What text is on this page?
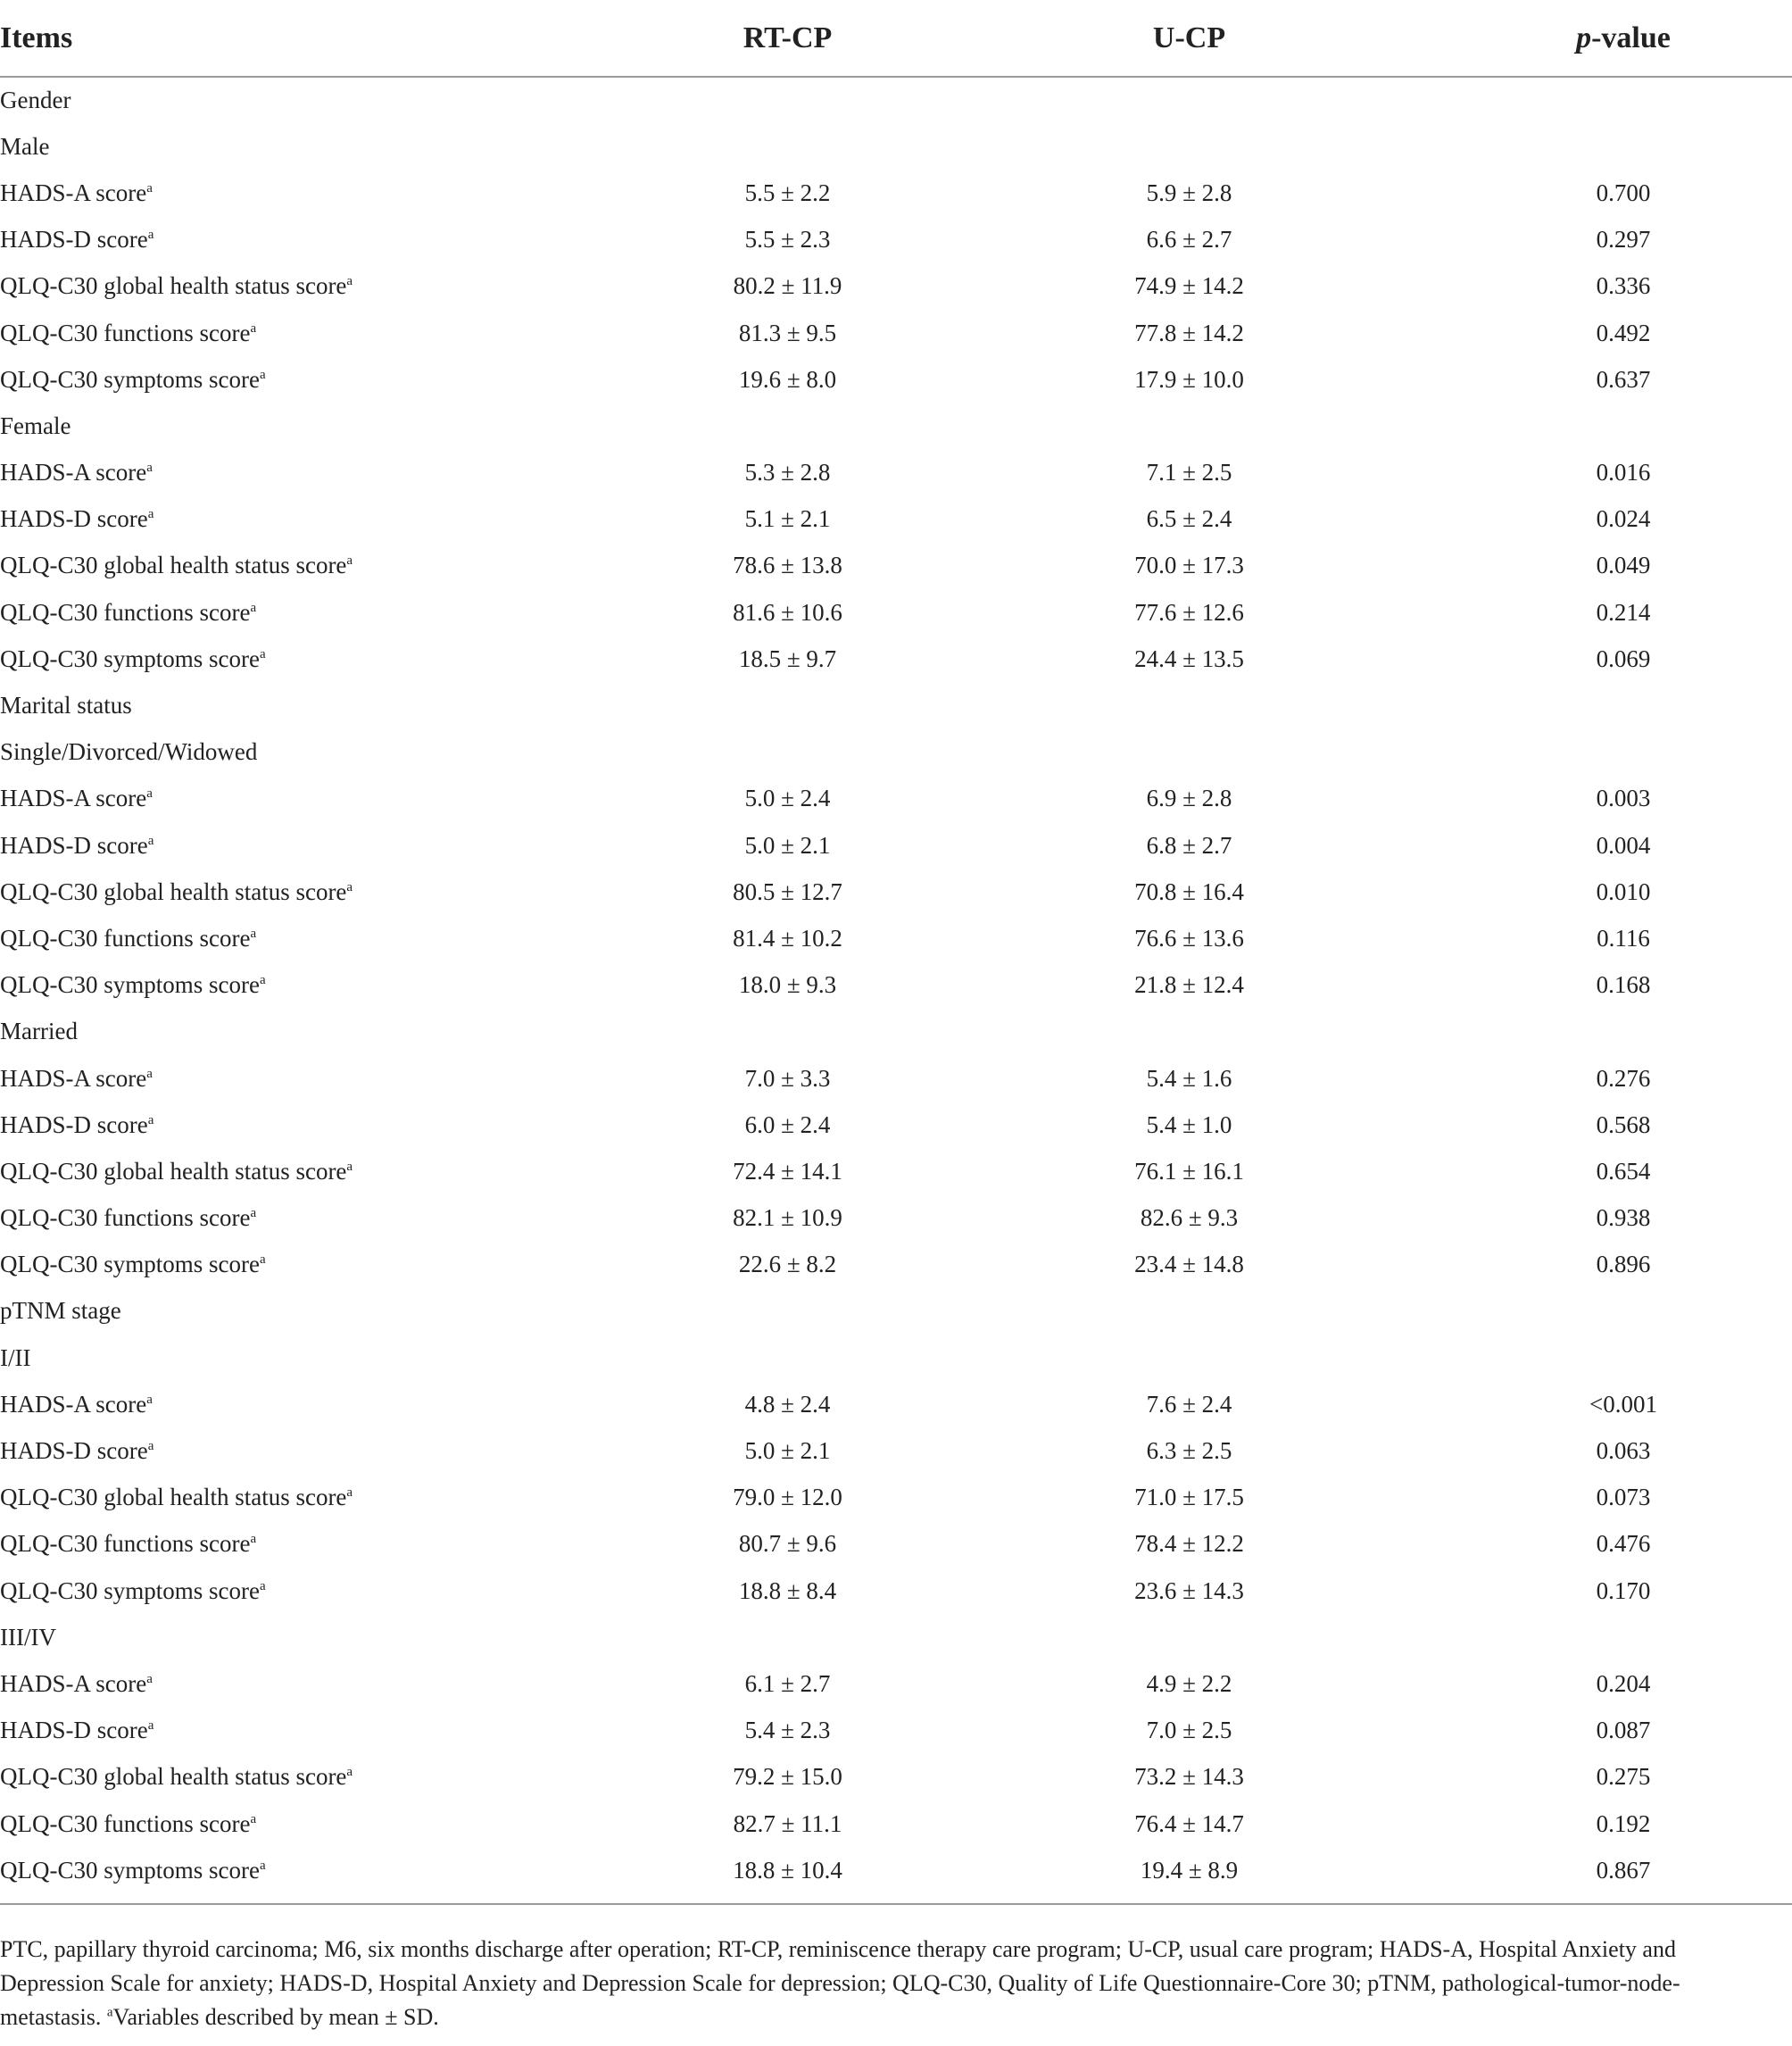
Items	RT-CP	U-CP	p-value
Gender			
Male			
HADS-A score$^a$	5.5 ± 2.2	5.9 ± 2.8	0.700
HADS-D score$^a$	5.5 ± 2.3	6.6 ± 2.7	0.297
QLQ-C30 global health status score$^a$	80.2 ± 11.9	74.9 ± 14.2	0.336
QLQ-C30 functions score$^a$	81.3 ± 9.5	77.8 ± 14.2	0.492
QLQ-C30 symptoms score$^a$	19.6 ± 8.0	17.9 ± 10.0	0.637
Female			
HADS-A score$^a$	5.3 ± 2.8	7.1 ± 2.5	0.016
HADS-D score$^a$	5.1 ± 2.1	6.5 ± 2.4	0.024
QLQ-C30 global health status score$^a$	78.6 ± 13.8	70.0 ± 17.3	0.049
QLQ-C30 functions score$^a$	81.6 ± 10.6	77.6 ± 12.6	0.214
QLQ-C30 symptoms score$^a$	18.5 ± 9.7	24.4 ± 13.5	0.069
Marital status			
Single/Divorced/Widowed			
HADS-A score$^a$	5.0 ± 2.4	6.9 ± 2.8	0.003
HADS-D score$^a$	5.0 ± 2.1	6.8 ± 2.7	0.004
QLQ-C30 global health status score$^a$	80.5 ± 12.7	70.8 ± 16.4	0.010
QLQ-C30 functions score$^a$	81.4 ± 10.2	76.6 ± 13.6	0.116
QLQ-C30 symptoms score$^a$	18.0 ± 9.3	21.8 ± 12.4	0.168
Married			
HADS-A score$^a$	7.0 ± 3.3	5.4 ± 1.6	0.276
HADS-D score$^a$	6.0 ± 2.4	5.4 ± 1.0	0.568
QLQ-C30 global health status score$^a$	72.4 ± 14.1	76.1 ± 16.1	0.654
QLQ-C30 functions score$^a$	82.1 ± 10.9	82.6 ± 9.3	0.938
QLQ-C30 symptoms score$^a$	22.6 ± 8.2	23.4 ± 14.8	0.896
pTNM stage			
I/II			
HADS-A score$^a$	4.8 ± 2.4	7.6 ± 2.4	<0.001
HADS-D score$^a$	5.0 ± 2.1	6.3 ± 2.5	0.063
QLQ-C30 global health status score$^a$	79.0 ± 12.0	71.0 ± 17.5	0.073
QLQ-C30 functions score$^a$	80.7 ± 9.6	78.4 ± 12.2	0.476
QLQ-C30 symptoms score$^a$	18.8 ± 8.4	23.6 ± 14.3	0.170
III/IV			
HADS-A score$^a$	6.1 ± 2.7	4.9 ± 2.2	0.204
HADS-D score$^a$	5.4 ± 2.3	7.0 ± 2.5	0.087
QLQ-C30 global health status score$^a$	79.2 ± 15.0	73.2 ± 14.3	0.275
QLQ-C30 functions score$^a$	82.7 ± 11.1	76.4 ± 14.7	0.192
QLQ-C30 symptoms score$^a$	18.8 ± 10.4	19.4 ± 8.9	0.867
PTC, papillary thyroid carcinoma; M6, six months discharge after operation; RT-CP, reminiscence therapy care program; U-CP, usual care program; HADS-A, Hospital Anxiety and Depression Scale for anxiety; HADS-D, Hospital Anxiety and Depression Scale for depression; QLQ-C30, Quality of Life Questionnaire-Core 30; pTNM, pathological-tumor-node-metastasis. $^a$Variables described by mean ± SD.
